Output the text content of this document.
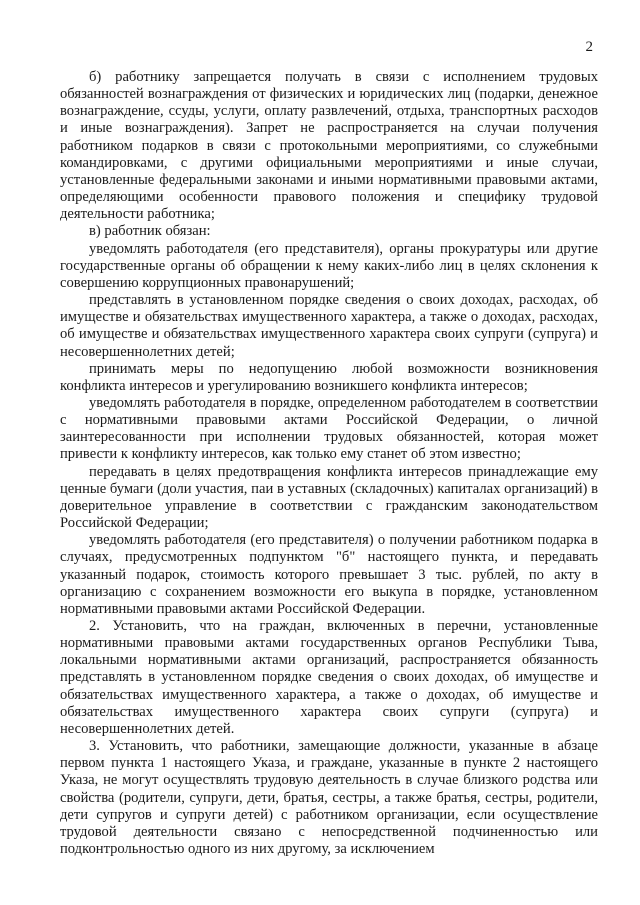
2

б) работнику запрещается получать в связи с исполнением трудовых обязанностей вознаграждения от физических и юридических лиц (подарки, денежное вознаграждение, ссуды, услуги, оплату развлечений, отдыха, транспортных расходов и иные вознаграждения). Запрет не распространяется на случаи получения работником подарков в связи с протокольными мероприятиями, со служебными командировками, с другими официальными мероприятиями и иные случаи, установленные федеральными законами и иными нормативными правовыми актами, определяющими особенности правового положения и специфику трудовой деятельности работника;

в) работник обязан:

уведомлять работодателя (его представителя), органы прокуратуры или другие государственные органы об обращении к нему каких-либо лиц в целях склонения к совершению коррупционных правонарушений;

представлять в установленном порядке сведения о своих доходах, расходах, об имуществе и обязательствах имущественного характера, а также о доходах, расходах, об имуществе и обязательствах имущественного характера своих супруги (супруга) и несовершеннолетних детей;

принимать меры по недопущению любой возможности возникновения конфликта интересов и урегулированию возникшего конфликта интересов;

уведомлять работодателя в порядке, определенном работодателем в соответствии с нормативными правовыми актами Российской Федерации, о личной заинтересованности при исполнении трудовых обязанностей, которая может привести к конфликту интересов, как только ему станет об этом известно;

передавать в целях предотвращения конфликта интересов принадлежащие ему ценные бумаги (доли участия, паи в уставных (складочных) капиталах организаций) в доверительное управление в соответствии с гражданским законодательством Российской Федерации;

уведомлять работодателя (его представителя) о получении работником подарка в случаях, предусмотренных подпунктом "б" настоящего пункта, и передавать указанный подарок, стоимость которого превышает 3 тыс. рублей, по акту в организацию с сохранением возможности его выкупа в порядке, установленном нормативными правовыми актами Российской Федерации.

2. Установить, что на граждан, включенных в перечни, установленные нормативными правовыми актами государственных органов Республики Тыва, локальными нормативными актами организаций, распространяется обязанность представлять в установленном порядке сведения о своих доходах, об имуществе и обязательствах имущественного характера, а также о доходах, об имуществе и обязательствах имущественного характера своих супруги (супруга) и несовершеннолетних детей.

3. Установить, что работники, замещающие должности, указанные в абзаце первом пункта 1 настоящего Указа, и граждане, указанные в пункте 2 настоящего Указа, не могут осуществлять трудовую деятельность в случае близкого родства или свойства (родители, супруги, дети, братья, сестры, а также братья, сестры, родители, дети супругов и супруги детей) с работником организации, если осуществление трудовой деятельности связано с непосредственной подчиненностью или подконтрольностью одного из них другому, за исключением
